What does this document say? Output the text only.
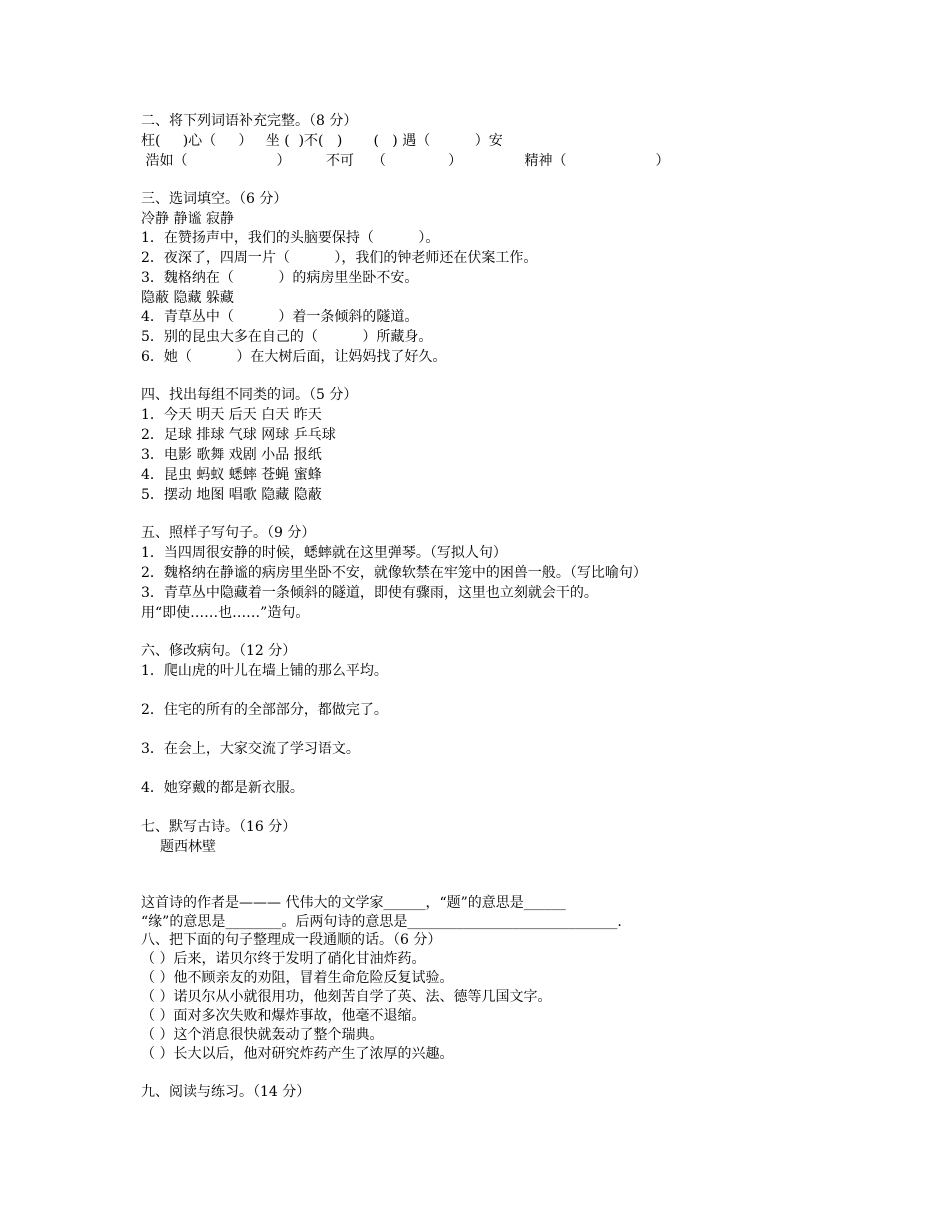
二、将下列词语补充完整。（8 分）
枉(     )心（     ）   坐 (  )不(   )       (   ) 遇（          ）安
浩如（                    ）        不可    （              ）              精神（                    ）
三、选词填空。（6 分）
冷静 静谧 寂静
1．在赞扬声中，我们的头脑要保持（          ）。
2．夜深了，四周一片（          ），我们的钟老师还在伏案工作。
3．魏格纳在（          ）的病房里坐卧不安。
隐蔽 隐藏 躲藏
4．青草丛中（          ）着一条倾斜的隧道。
5．别的昆虫大多在自己的（          ）所藏身。
6．她（          ）在大树后面，让妈妈找了好久。
四、找出每组不同类的词。（5 分）
1．今天 明天 后天 白天 昨天
2．足球 排球 气球 网球 乒乓球
3．电影 歌舞 戏剧 小品 报纸
4．昆虫 蚂蚁 蟋蟀 苍蝇 蜜蜂
5．摆动 地图 唱歌 隐藏 隐蔽
五、照样子写句子。（9 分）
1．当四周很安静的时候，蟋蟀就在这里弹琴。（写拟人句）
2．魏格纳在静谧的病房里坐卧不安，就像软禁在牢笼中的困兽一般。（写比喻句）
3．青草丛中隐藏着一条倾斜的隧道，即使有骤雨，这里也立刻就会干的。
用“即使……也……”造句。
六、修改病句。（12 分）
1．爬山虎的叶儿在墙上铺的那么平均。
2．住宅的所有的全部部分，都做完了。
3．在会上，大家交流了学习语文。
4．她穿戴的都是新衣服。
七、默写古诗。（16 分）
题西林壁
这首诗的作者是——— 代伟大的文学家______，“题”的意思是______
“缘”的意思是________。后两句诗的意思是______________________________.
八、把下面的句子整理成一段通顺的话。（6 分）
（ ）后来，诺贝尔终于发明了硝化甘油炸药。
（ ）他不顾亲友的劝阻，冒着生命危险反复试验。
（ ）诺贝尔从小就很用功，他刻苦自学了英、法、德等几国文字。
（ ）面对多次失败和爆炸事故，他毫不退缩。
（ ）这个消息很快就轰动了整个瑞典。
（ ）长大以后，他对研究炸药产生了浓厚的兴趣。
九、阅读与练习。（14 分）
